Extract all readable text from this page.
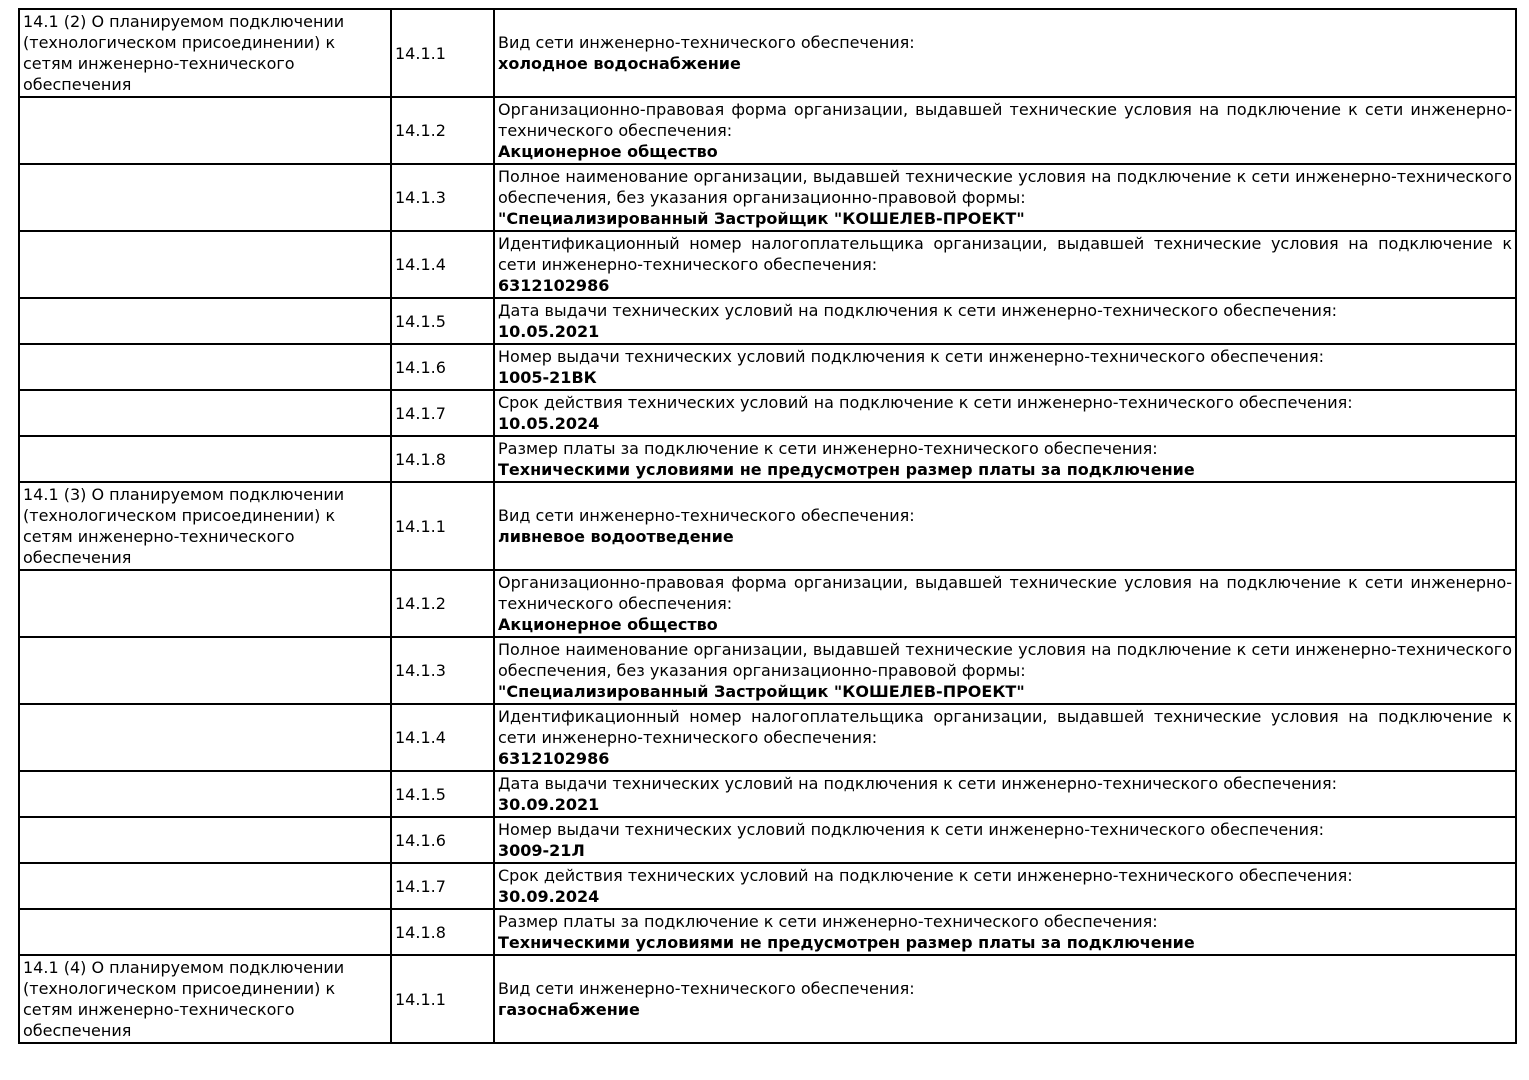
14.1 (2) О планируемом подключении (технологическом присоединении) к сетям инженерно-технического обеспечения	14.1.1	Вид сети инженерно-технического обеспечения:
холодное водоснабжение

	14.1.2	Организационно-правовая форма организации, выдавшей технические условия на подключение к сети инженерно-технического обеспечения:
Акционерное общество

	14.1.3	Полное наименование организации, выдавшей технические условия на подключение к сети инженерно-технического обеспечения, без указания организационно-правовой формы:
"Специализированный Застройщик "КОШЕЛЕВ-ПРОЕКТ"

	14.1.4	Идентификационный номер налогоплательщика организации, выдавшей технические условия на подключение к сети инженерно-технического обеспечения:
6312102986

	14.1.5	Дата выдачи технических условий на подключения к сети инженерно-технического обеспечения:
10.05.2021

	14.1.6	Номер выдачи технических условий подключения к сети инженерно-технического обеспечения:
1005-21ВК

	14.1.7	Срок действия технических условий на подключение к сети инженерно-технического обеспечения:
10.05.2024

	14.1.8	Размер платы за подключение к сети инженерно-технического обеспечения:
Техническими условиями не предусмотрен размер платы за подключение

14.1 (3) О планируемом подключении (технологическом присоединении) к сетям инженерно-технического обеспечения	14.1.1	Вид сети инженерно-технического обеспечения:
ливневое водоотведение

	14.1.2	Организационно-правовая форма организации, выдавшей технические условия на подключение к сети инженерно-технического обеспечения:
Акционерное общество

	14.1.3	Полное наименование организации, выдавшей технические условия на подключение к сети инженерно-технического обеспечения, без указания организационно-правовой формы:
"Специализированный Застройщик "КОШЕЛЕВ-ПРОЕКТ"

	14.1.4	Идентификационный номер налогоплательщика организации, выдавшей технические условия на подключение к сети инженерно-технического обеспечения:
6312102986

	14.1.5	Дата выдачи технических условий на подключения к сети инженерно-технического обеспечения:
30.09.2021

	14.1.6	Номер выдачи технических условий подключения к сети инженерно-технического обеспечения:
3009-21Л

	14.1.7	Срок действия технических условий на подключение к сети инженерно-технического обеспечения:
30.09.2024

	14.1.8	Размер платы за подключение к сети инженерно-технического обеспечения:
Техническими условиями не предусмотрен размер платы за подключение

14.1 (4) О планируемом подключении (технологическом присоединении) к сетям инженерно-технического обеспечения	14.1.1	Вид сети инженерно-технического обеспечения:
газоснабжение
